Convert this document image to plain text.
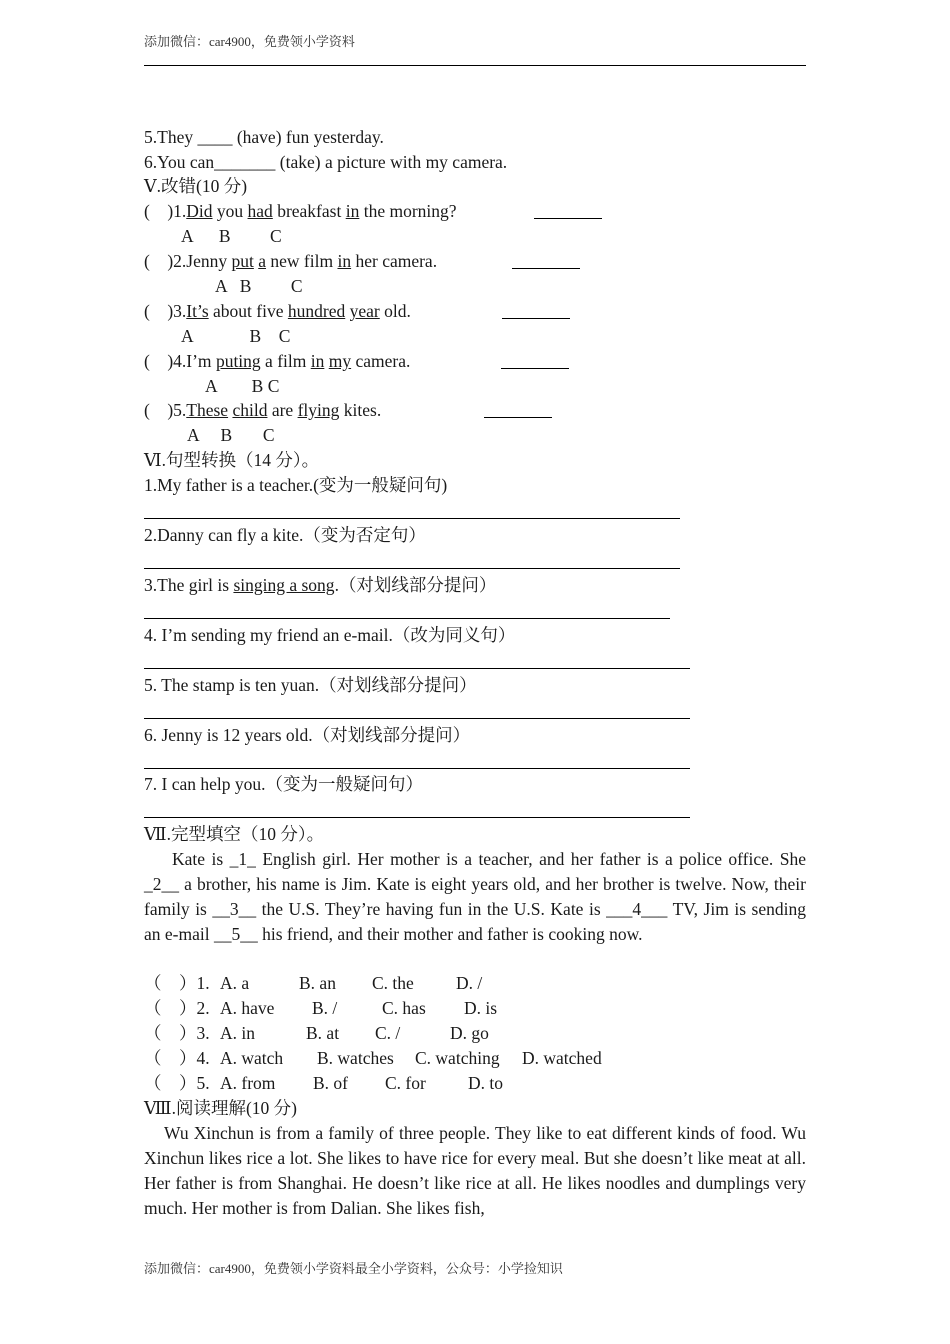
添加微信：car4900，免费领小学资料
5.They ____ (have) fun yesterday.
6.You can_______ (take) a picture with my camera.
Ⅴ.改错(10 分)
(    )1.Did you had breakfast in the morning?
A      B         C
(    )2.Jenny put a new film in her camera.
A   B         C
(    )3.It’s about five hundred year old.
A             B    C
(    )4.I’m puting a film in my camera.
A        B C
(    )5.These child are flying kites.
A     B       C
Ⅵ.句型转换（14 分）。
1.My father is a teacher.(变为一般疑问句)
2.Danny can fly a kite.（变为否定句）
3.The girl is singing a song.（对划线部分提问）
4. I’m sending my friend an e-mail.（改为同义句）
5. The stamp is ten yuan.（对划线部分提问）
6. Jenny is 12 years old.（对划线部分提问）
7. I can help you.（变为一般疑问句）
Ⅶ.完型填空（10 分）。

Kate is _1_ English girl. Her mother is a teacher, and her father is a police office. She _2__ a brother, his name is Jim. Kate is eight years old, and her brother is twelve. Now, their family is __3__ the U.S. They’re having fun in the U.S. Kate is ___4___ TV, Jim is sending an e-mail __5__ his friend, and their mother and father is cooking now.

（    ）1. A. a	B. an C. the D. /
（    ）2. A. have B. /	C. has D. is
（    ）3. A. in	B. at C. /	D. go
（    ）4. A. watch B. watches C. watching D. watched
（    ）5. A. from B. of C. for D. to
Ⅷ.阅读理解(10 分)

Wu Xinchun is from a family of three people. They like to eat different kinds of food. Wu Xinchun likes rice a lot. She likes to have rice for every meal. But she doesn’t like meat at all. Her father is from Shanghai. He doesn’t like rice at all. He likes noodles and dumplings very much. Her mother is from Dalian. She likes fish,

添加微信：car4900，免费领小学资料最全小学资料，公众号：小学捡知识
